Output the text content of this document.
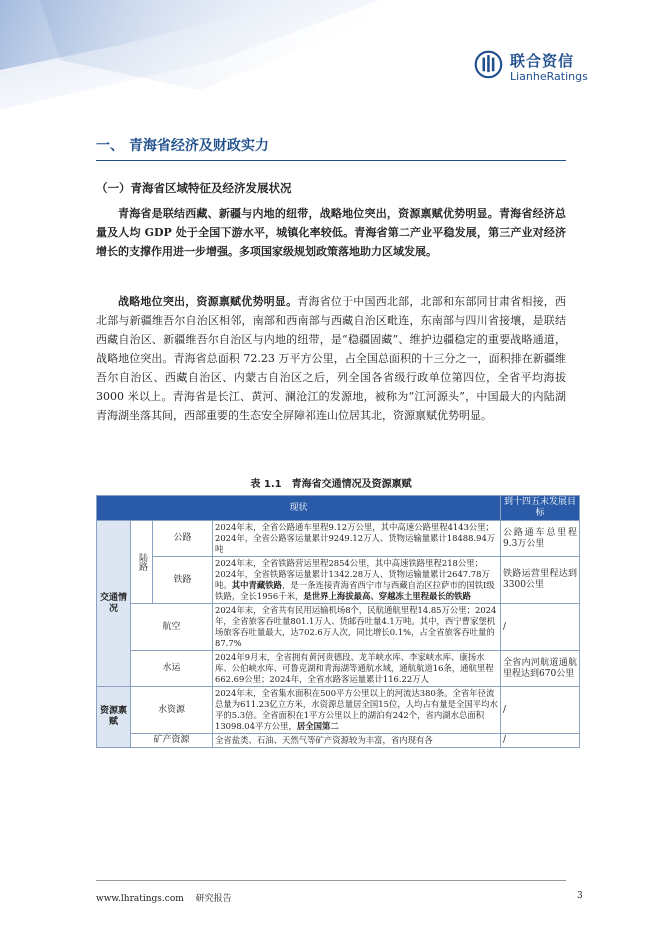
联合资信
LianheRatings
一、 青海省经济及财政实力
（一）青海省区域特征及经济发展状况
青海省是联结西藏、新疆与内地的纽带，战略地位突出，资源禀赋优势明显。青海省经济总量及人均 GDP 处于全国下游水平，城镇化率较低。青海省第二产业平稳发展，第三产业对经济增长的支撑作用进一步增强。多项国家级规划政策落地助力区域发展。
战略地位突出，资源禀赋优势明显。青海省位于中国西北部，北部和东部同甘肃省相接，西北部与新疆维吾尔自治区相邻，南部和西南部与西藏自治区毗连，东南部与四川省接壤，是联结西藏自治区、新疆维吾尔自治区与内地的纽带，是“稳疆固藏”、维护边疆稳定的重要战略通道，战略地位突出。青海省总面积 72.23 万平方公里，占全国总面积的十三分之一，面积排在新疆维吾尔自治区、西藏自治区、内蒙古自治区之后，列全国各省级行政单位第四位，全省平均海拔 3000 米以上。青海省是长江、黄河、澜沧江的发源地，被称为“江河源头”，中国最大的内陆湖青海湖坐落其间，西部重要的生态安全屏障祁连山位居其北，资源禀赋优势明显。
表 1.1　青海省交通情况及资源禀赋
现状				到十四五末发展目标
交通情况	陆路	公路	2024年末，全省公路通车里程9.12万公里，其中高速公路里程4143公里；2024年，全省公路客运量累计9249.12万人、货物运输量累计18488.94万吨	公路通车总里程9.3万公里
		铁路	2024年末，全省铁路营运里程2854公里，其中高速铁路里程218公里；2024年，全省铁路客运量累计1342.28万人、货物运输量累计2647.78万吨。其中青藏铁路，是一条连接青海省西宁市与西藏自治区拉萨市的国铁Ⅰ级铁路，全长1956千米，是世界上海拔最高、穿越冻土里程最长的铁路	铁路运营里程达到3300公里
	航空		2024年末，全省共有民用运输机场8个，民航通航里程14.85万公里；2024年，全省旅客吞吐量801.1万人、货邮吞吐量4.1万吨。其中，西宁曹家堡机场旅客吞吐量最大，达702.6万人次，同比增长0.1%，占全省旅客吞吐量的87.7%	/
	水运		2024年9月末，全省拥有黄河贵德段、龙羊峡水库、李家峡水库、康扬水库、公伯峡水库、可鲁克湖和青海湖等通航水域，通航航道16条，通航里程662.69公里；2024年，全省水路客运量累计116.22万人	全省内河航道通航里程达到670公里
资源禀赋	水资源		2024年末，全省集水面积在500平方公里以上的河流达380条。全省年径流总量为611.23亿立方米，水资源总量居全国15位，人均占有量是全国平均水平的5.3倍。全省面积在1平方公里以上的湖泊有242个，省内湖水总面积13098.04平方公里，居全国第二	/
	矿产资源		全省盐类、石油、天然气等矿产资源较为丰富，省内现有各	/
www.lhratings.com　 研究报告	3
